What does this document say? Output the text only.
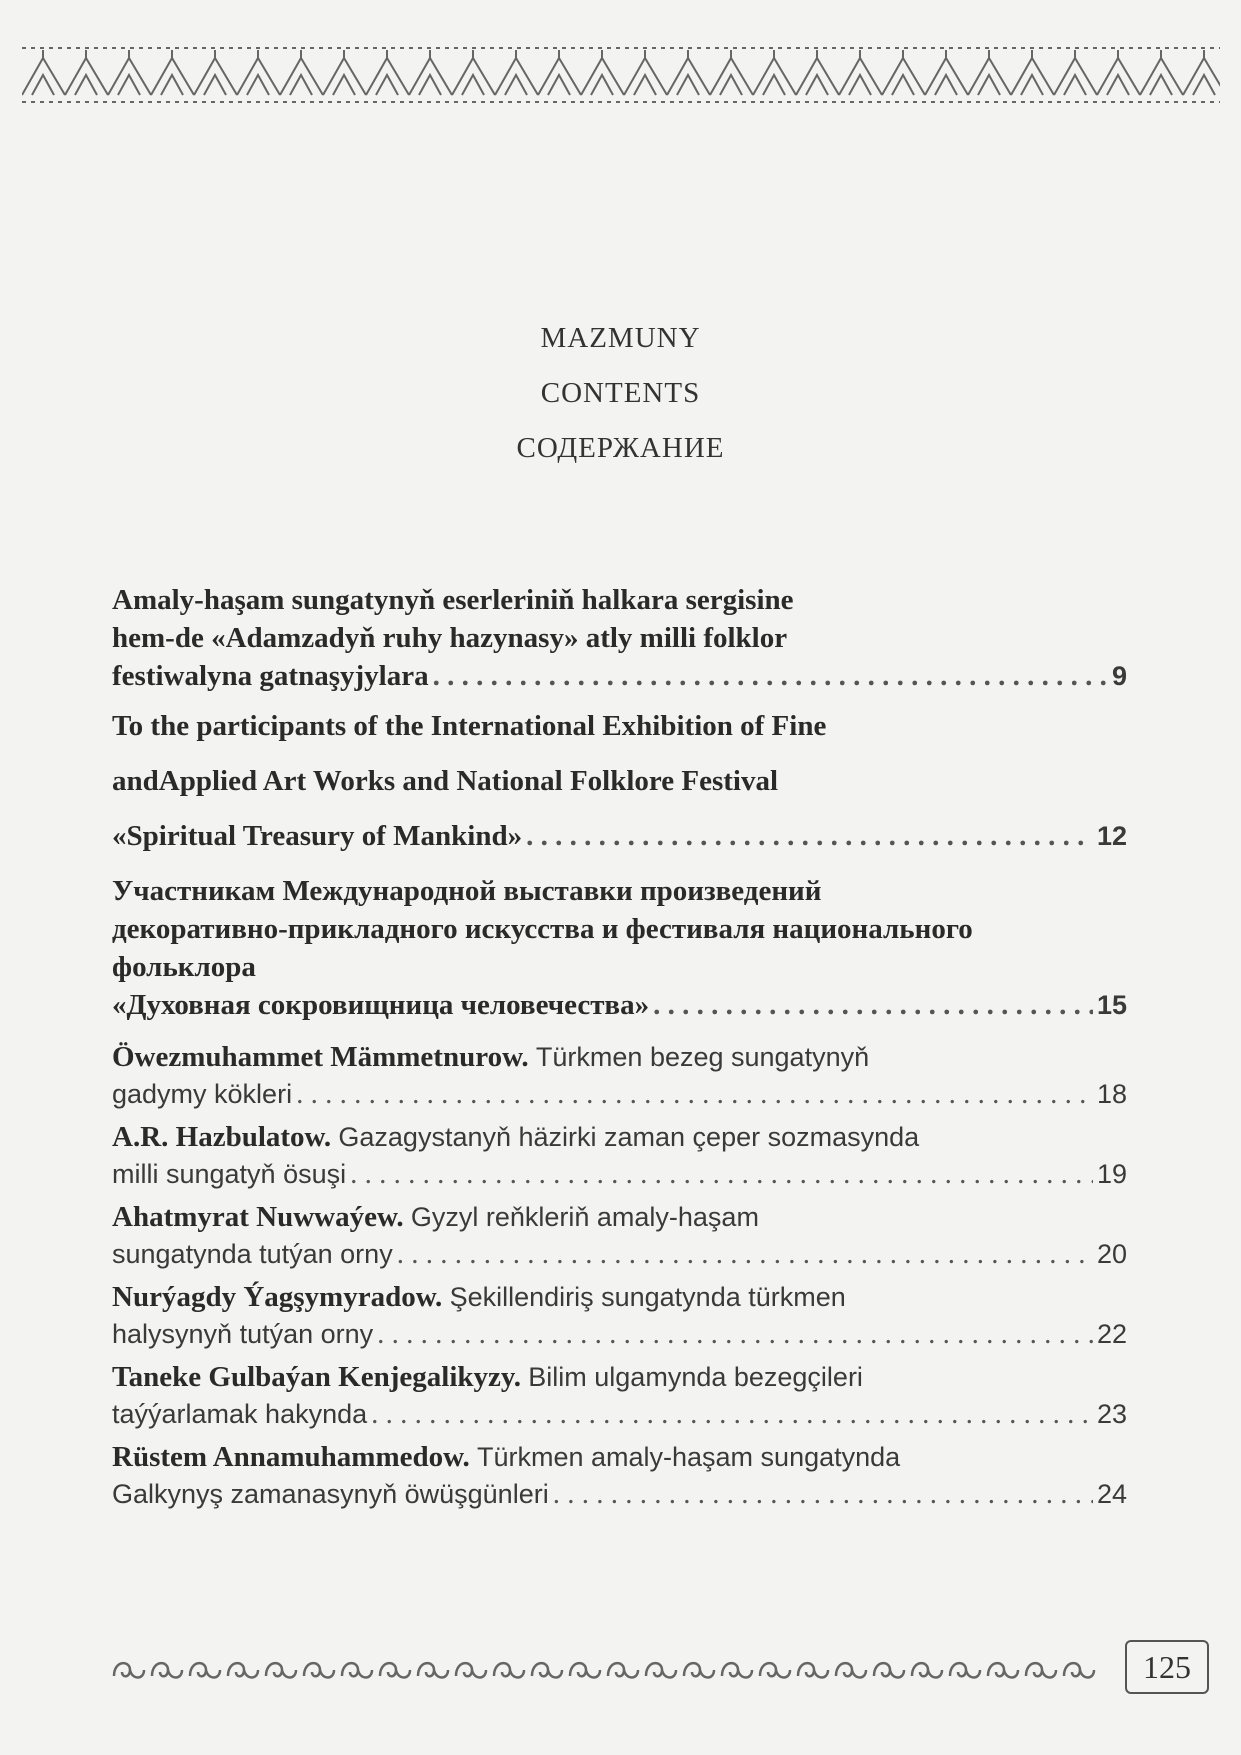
MAZMUNY
CONTENTS
СОДЕРЖАНИЕ
Amaly-haşam sungatynyň eserleriniň halkara sergisine
hem-de «Adamzadyň ruhy hazynasy» atly milli folklor
festiwalyna gatnaşyjylara . . .	9
To the participants of the International Exhibition of Fine
andApplied Art Works and National Folklore Festival
«Spiritual Treasury of Mankind» . . .	12
Участникам Международной выставки произведений
декоративно-прикладного искусства и фестиваля национального
фольклора
«Духовная сокровищница человечества» . . .	15
Öwezmuhammet Mämmetnurow.
Türkmen bezeg sungatynyň
gadymy kökleri . . .	18
A.R. Hazbulatow.
Gazagystanyň häzirki zaman çeper sozmasynda
milli sungatyň ösuşi . . .	19
Ahatmyrat Nuwwaýew.
Gyzyl reňkleriň amaly-haşam
sungatynda tutýan orny . . .	20
Nurýagdy Ýagşymyradow.
Şekillendiriş sungatynda türkmen
halysynyň tutýan orny . . .	22
Taneke Gulbaýan Kenjegalikyzy.
Bilim ulgamynda bezegçileri
taýýarlamak hakynda . . .	23
Rüstem Annamuhammedow.
Türkmen amaly-haşam sungatynda
Galkynyş zamanasynyň öwüşgünleri . . .	24
125
